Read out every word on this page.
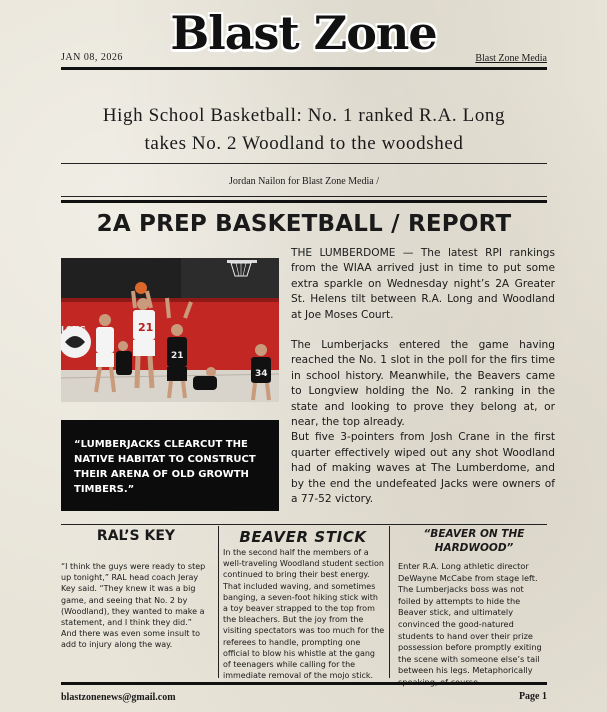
Blast Zone
JAN 08, 2026	Blast Zone Media
High School Basketball: No. 1 ranked R.A. Long
takes No. 2 Woodland to the woodshed
Jordan Nailon for Blast Zone Media /
2A PREP BASKETBALL / REPORT
LONG	21
21
34
“LUMBERJACKS CLEARCUT THE NATIVE HABITAT TO CONSTRUCT THEIR ARENA OF OLD GROWTH TIMBERS.”

THE LUMBERDOME — The latest RPI rankings from the WIAA arrived just in time to put some extra sparkle on Wednesday night’s 2A Greater St. Helens tilt between R.A. Long and Woodland at Joe Moses Court.

The Lumberjacks entered the game having reached the No. 1 slot in the poll for the firs time in school history. Meanwhile, the Beavers came to Longview holding the No. 2 ranking in the state and looking to prove they belong at, or near, the top already.

But five 3-pointers from Josh Crane in the first quarter effectively wiped out any shot Woodland had of making waves at The Lumberdome, and by the end the undefeated Jacks were owners of a 77-52 victory.

RAL’S KEY

“I think the guys were ready to step up tonight,” RAL head coach Jeray Key said. “They knew it was a big game, and seeing that No. 2 by (Woodland), they wanted to make a statement, and I think they did.”

And there was even some insult to add to injury along the way.

BEAVER STICK
In the second half the members of a well-traveling Woodland student section continued to bring their best energy. That included waving, and sometimes banging, a seven-foot hiking stick with a toy beaver strapped to the top from the bleachers. But the joy from the visiting spectators was too much for the referees to handle, prompting one official to blow his whistle at the gang of teenagers while calling for the immediate removal of the mojo stick.
“BEAVER ON THE HARDWOOD”
Enter R.A. Long athletic director DeWayne McCabe from stage left. The Lumberjacks boss was not foiled by attempts to hide the Beaver stick, and ultimately convinced the good-natured students to hand over their prize possession before promptly exiting the scene with someone else’s tail between his legs. Metaphorically
blastzonenews@gmail.com	Page 1
